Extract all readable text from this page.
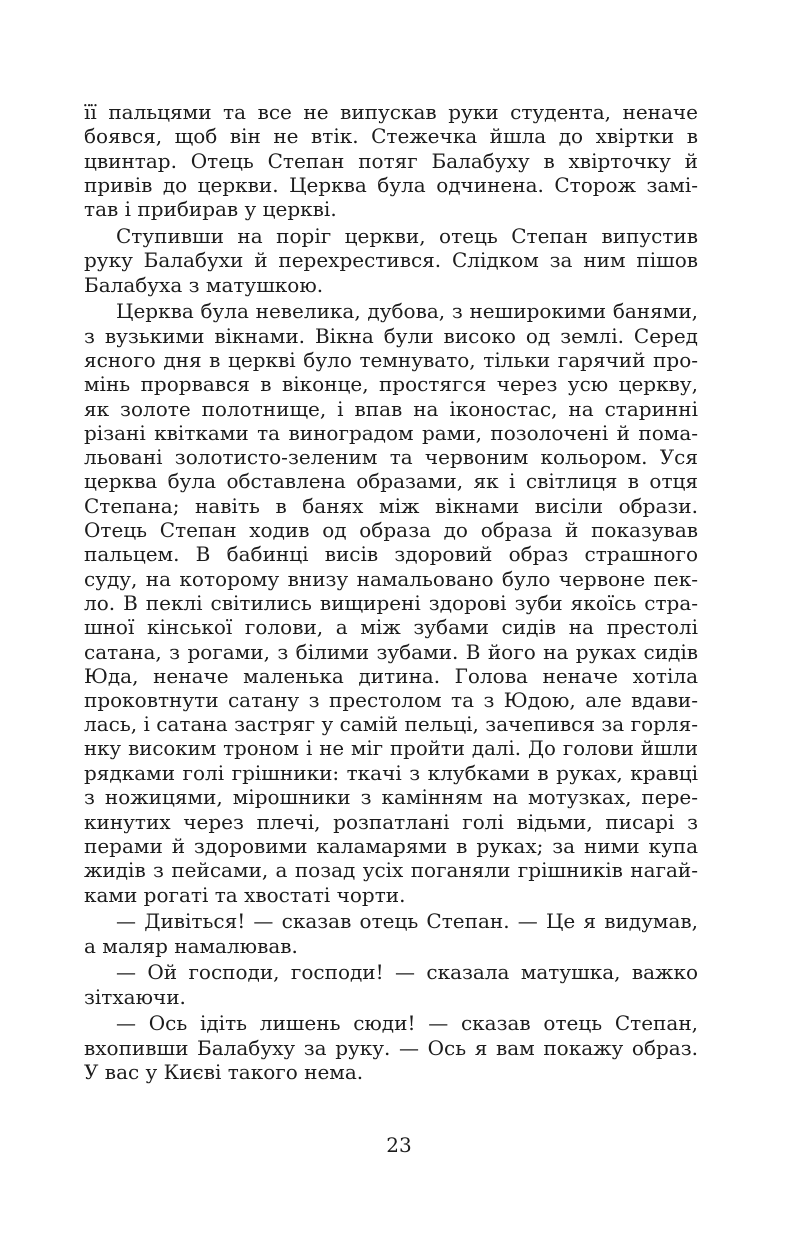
її пальцями та все не випускав руки студента, неначе
боявся, щоб він не втік. Стежечка йшла до хвіртки в
цвинтар. Отець Степан потяг Балабуху в хвірточку й
привів до церкви. Церква була одчинена. Сторож замі-
тав і прибирав у церкві.
Ступивши на поріг церкви, отець Степан випустив
руку Балабухи й перехрестився. Слідком за ним пішов
Балабуха з матушкою.
Церква була невелика, дубова, з неширокими банями,
з вузькими вікнами. Вікна були високо од землі. Серед
ясного дня в церкві було темнувато, тільки гарячий про-
мінь прорвався в віконце, простягся через усю церкву,
як золоте полотнище, і впав на іконостас, на старинні
різані квітками та виноградом рами, позолочені й пома-
льовані золотисто-зеленим та червоним кольором. Уся
церква була обставлена образами, як і світлиця в отця
Степана; навіть в банях між вікнами висіли образи.
Отець Степан ходив од образа до образа й показував
пальцем. В бабинці висів здоровий образ страшного
суду, на которому внизу намальовано було червоне пек-
ло. В пеклі світились вищирені здорові зуби якоїсь стра-
шної кінської голови, а між зубами сидів на престолі
сатана, з рогами, з білими зубами. В його на руках сидів
Юда, неначе маленька дитина. Голова неначе хотіла
проковтнути сатану з престолом та з Юдою, але вдави-
лась, і сатана застряг у самій пельці, зачепився за горля-
нку високим троном і не міг пройти далі. До голови йшли
рядками голі грішники: ткачі з клубками в руках, кравці
з ножицями, мірошники з камінням на мотузках, пере-
кинутих через плечі, розпатлані голі відьми, писарі з
перами й здоровими каламарями в руках; за ними купа
жидів з пейсами, а позад усіх поганяли грішників нагай-
ками рогаті та хвостаті чорти.
— Дивіться! — сказав отець Степан. — Це я видумав,
а маляр намалював.
— Ой господи, господи! — сказала матушка, важко
зітхаючи.
— Ось ідіть лишень сюди! — сказав отець Степан,
вхопивши Балабуху за руку. — Ось я вам покажу образ.
У вас у Києві такого нема.
23
